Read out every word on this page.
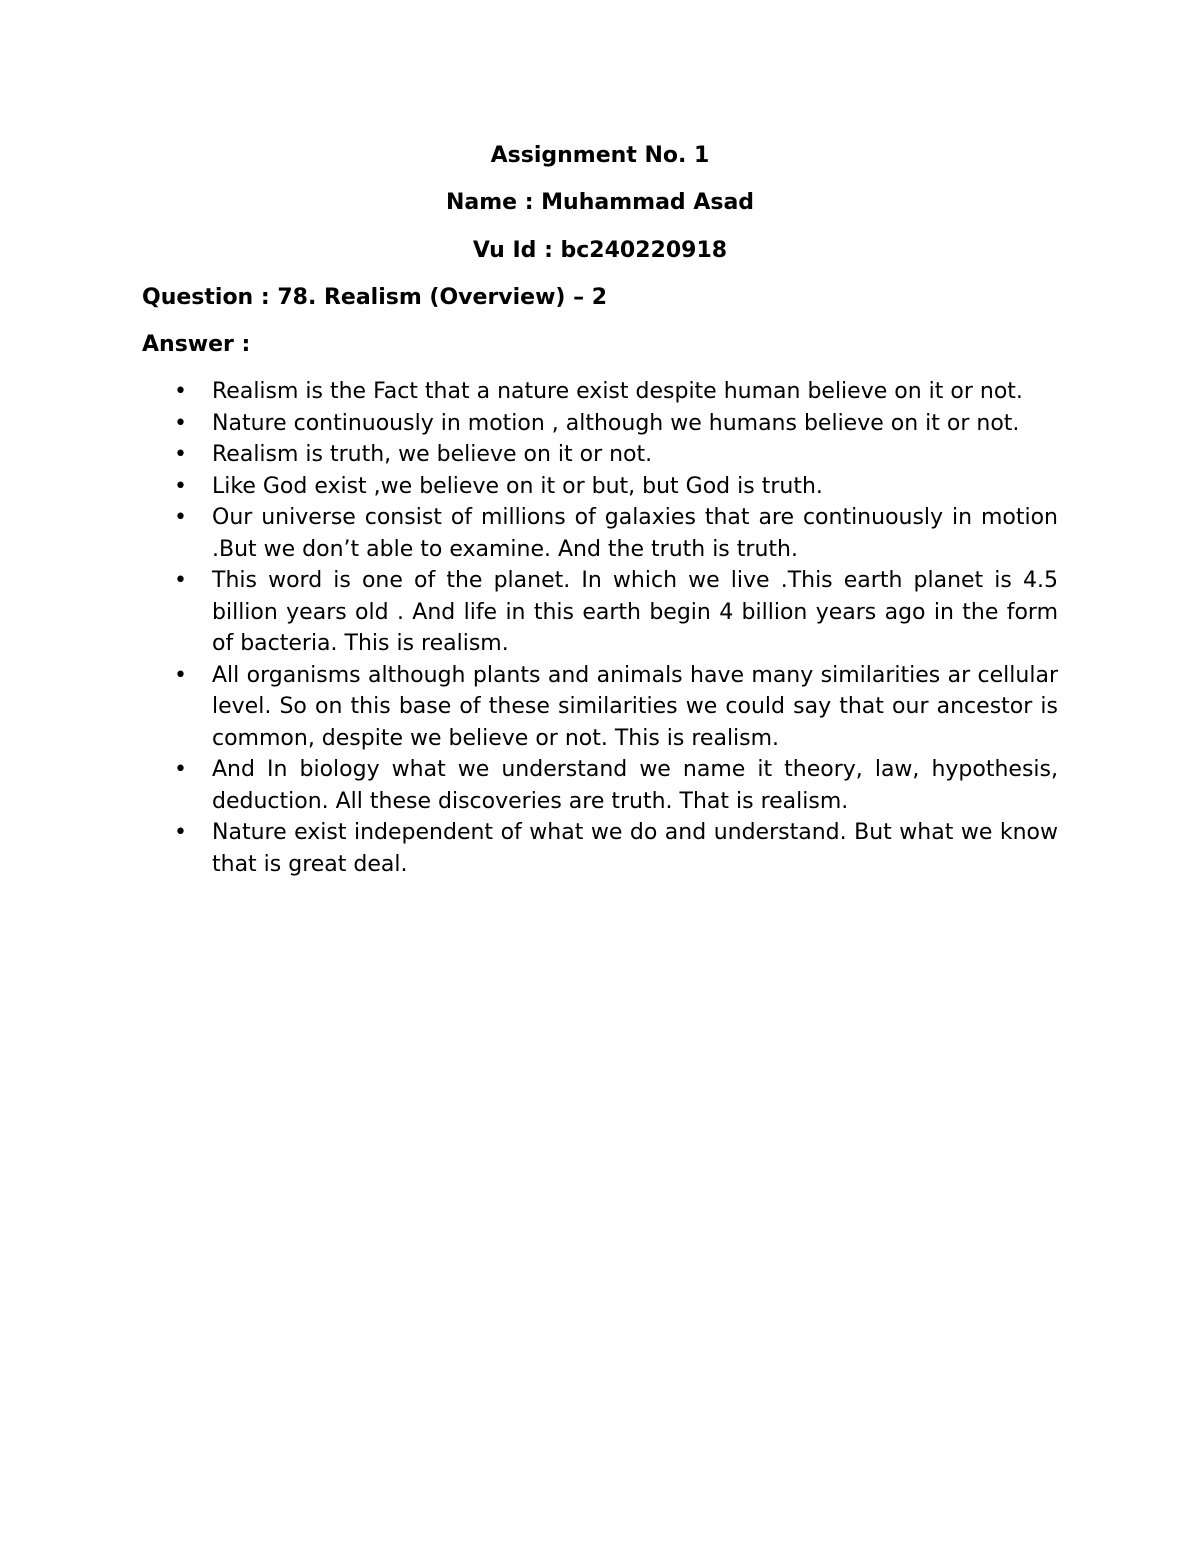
Assignment No. 1
Name : Muhammad Asad
Vu Id : bc240220918
Question : 78. Realism (Overview) – 2
Answer :
• Realism is the Fact that a nature exist despite human believe on it or not.
• Nature continuously in motion , although we humans believe on it or not.
• Realism is truth, we believe on it or not.
• Like God exist ,we believe on it or but, but God is truth.
• Our universe consist of millions of galaxies that are continuously in motion .But we don’t able to examine. And the truth is truth.
• This word is one of the planet. In which we live .This earth planet is 4.5 billion years old . And life in this earth begin 4 billion years ago in the form of bacteria. This is realism.
• All organisms although plants and animals have many similarities ar cellular level. So on this base of these similarities we could say that our ancestor is common, despite we believe or not. This is realism.
• And In biology what we understand we name it theory, law, hypothesis, deduction. All these discoveries are truth. That is realism.
• Nature exist independent of what we do and understand. But what we know that is great deal.
